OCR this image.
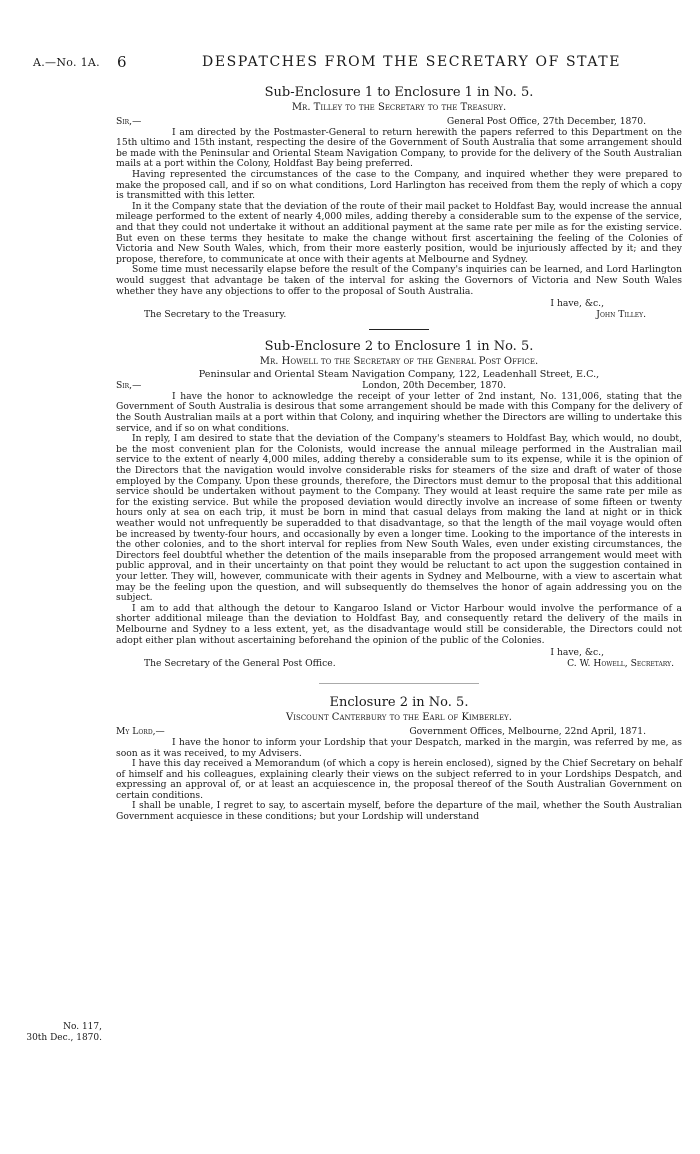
A.—No. 1A. 6	DESPATCHES FROM THE SECRETARY OF STATE
Sub-Enclosure 1 to Enclosure 1 in No. 5.
Mr. Tilley to the Secretary to the Treasury.
Sir,—	General Post Office, 27th December, 1870.

I am directed by the Postmaster-General to return herewith the papers referred to this Department on the 15th ultimo and 15th instant, respecting the desire of the Government of South Australia that some arrangement should be made with the Peninsular and Oriental Steam Navigation Company, to provide for the delivery of the South Australian mails at a port within the Colony, Holdfast Bay being preferred.

Having represented the circumstances of the case to the Company, and inquired whether they were prepared to make the proposed call, and if so on what conditions, Lord Harlington has received from them the reply of which a copy is transmitted with this letter.

In it the Company state that the deviation of the route of their mail packet to Holdfast Bay, would increase the annual mileage performed to the extent of nearly 4,000 miles, adding thereby a considerable sum to the expense of the service, and that they could not undertake it without an additional payment at the same rate per mile as for the existing service. But even on these terms they hesitate to make the change without first ascertaining the feeling of the Colonies of Victoria and New South Wales, which, from their more easterly position, would be injuriously affected by it; and they propose, therefore, to communicate at once with their agents at Melbourne and Sydney.

Some time must necessarily elapse before the result of the Company's inquiries can be learned, and Lord Harlington would suggest that advantage be taken of the interval for asking the Governors of Victoria and New South Wales whether they have any objections to offer to the proposal of South Australia.

I have, &c.,
The Secretary to the Treasury.	John Tilley.
Sub-Enclosure 2 to Enclosure 1 in No. 5.
Mr. Howell to the Secretary of the General Post Office.
Peninsular and Oriental Steam Navigation Company, 122, Leadenhall Street, E.C.,
Sir,—	London, 20th December, 1870.

I have the honor to acknowledge the receipt of your letter of 2nd instant, No. 131,006, stating that the Government of South Australia is desirous that some arrangement should be made with this Company for the delivery of the South Australian mails at a port within that Colony, and inquiring whether the Directors are willing to undertake this service, and if so on what conditions.

In reply, I am desired to state that the deviation of the Company's steamers to Holdfast Bay, which would, no doubt, be the most convenient plan for the Colonists, would increase the annual mileage performed in the Australian mail service to the extent of nearly 4,000 miles, adding thereby a considerable sum to its expense, while it is the opinion of the Directors that the navigation would involve considerable risks for steamers of the size and draft of water of those employed by the Company. Upon these grounds, therefore, the Directors must demur to the proposal that this additional service should be undertaken without payment to the Company. They would at least require the same rate per mile as for the existing service. But while the proposed deviation would directly involve an increase of some fifteen or twenty hours only at sea on each trip, it must be born in mind that casual delays from making the land at night or in thick weather would not unfrequently be superadded to that disadvantage, so that the length of the mail voyage would often be increased by twenty-four hours, and occasionally by even a longer time. Looking to the importance of the interests in the other colonies, and to the short interval for replies from New South Wales, even under existing circumstances, the Directors feel doubtful whether the detention of the mails inseparable from the proposed arrangement would meet with public approval, and in their uncertainty on that point they would be reluctant to act upon the suggestion contained in your letter. They will, however, communicate with their agents in Sydney and Melbourne, with a view to ascertain what may be the feeling upon the question, and will subsequently do themselves the honor of again addressing you on the subject.

I am to add that although the detour to Kangaroo Island or Victor Harbour would involve the performance of a shorter additional mileage than the deviation to Holdfast Bay, and consequently retard the delivery of the mails in Melbourne and Sydney to a less extent, yet, as the disadvantage would still be considerable, the Directors could not adopt either plan without ascertaining beforehand the opinion of the public of the Colonies.

I have, &c.,
The Secretary of the General Post Office.	C. W. Howell, Secretary.
Enclosure 2 in No. 5.
Viscount Canterbury to the Earl of Kimberley.
My Lord,—	Government Offices, Melbourne, 22nd April, 1871.

I have the honor to inform your Lordship that your Despatch, marked in the margin, was referred by me, as soon as it was received, to my Advisers.

I have this day received a Memorandum (of which a copy is herein enclosed), signed by the Chief Secretary on behalf of himself and his colleagues, explaining clearly their views on the subject referred to in your Lordships Despatch, and expressing an approval of, or at least an acquiescence in, the proposal thereof of the South Australian Government on certain conditions.

I shall be unable, I regret to say, to ascertain myself, before the departure of the mail, whether the South Australian Government acquiesce in these conditions; but your Lordship will understand

No. 117,
30th Dec., 1870.
